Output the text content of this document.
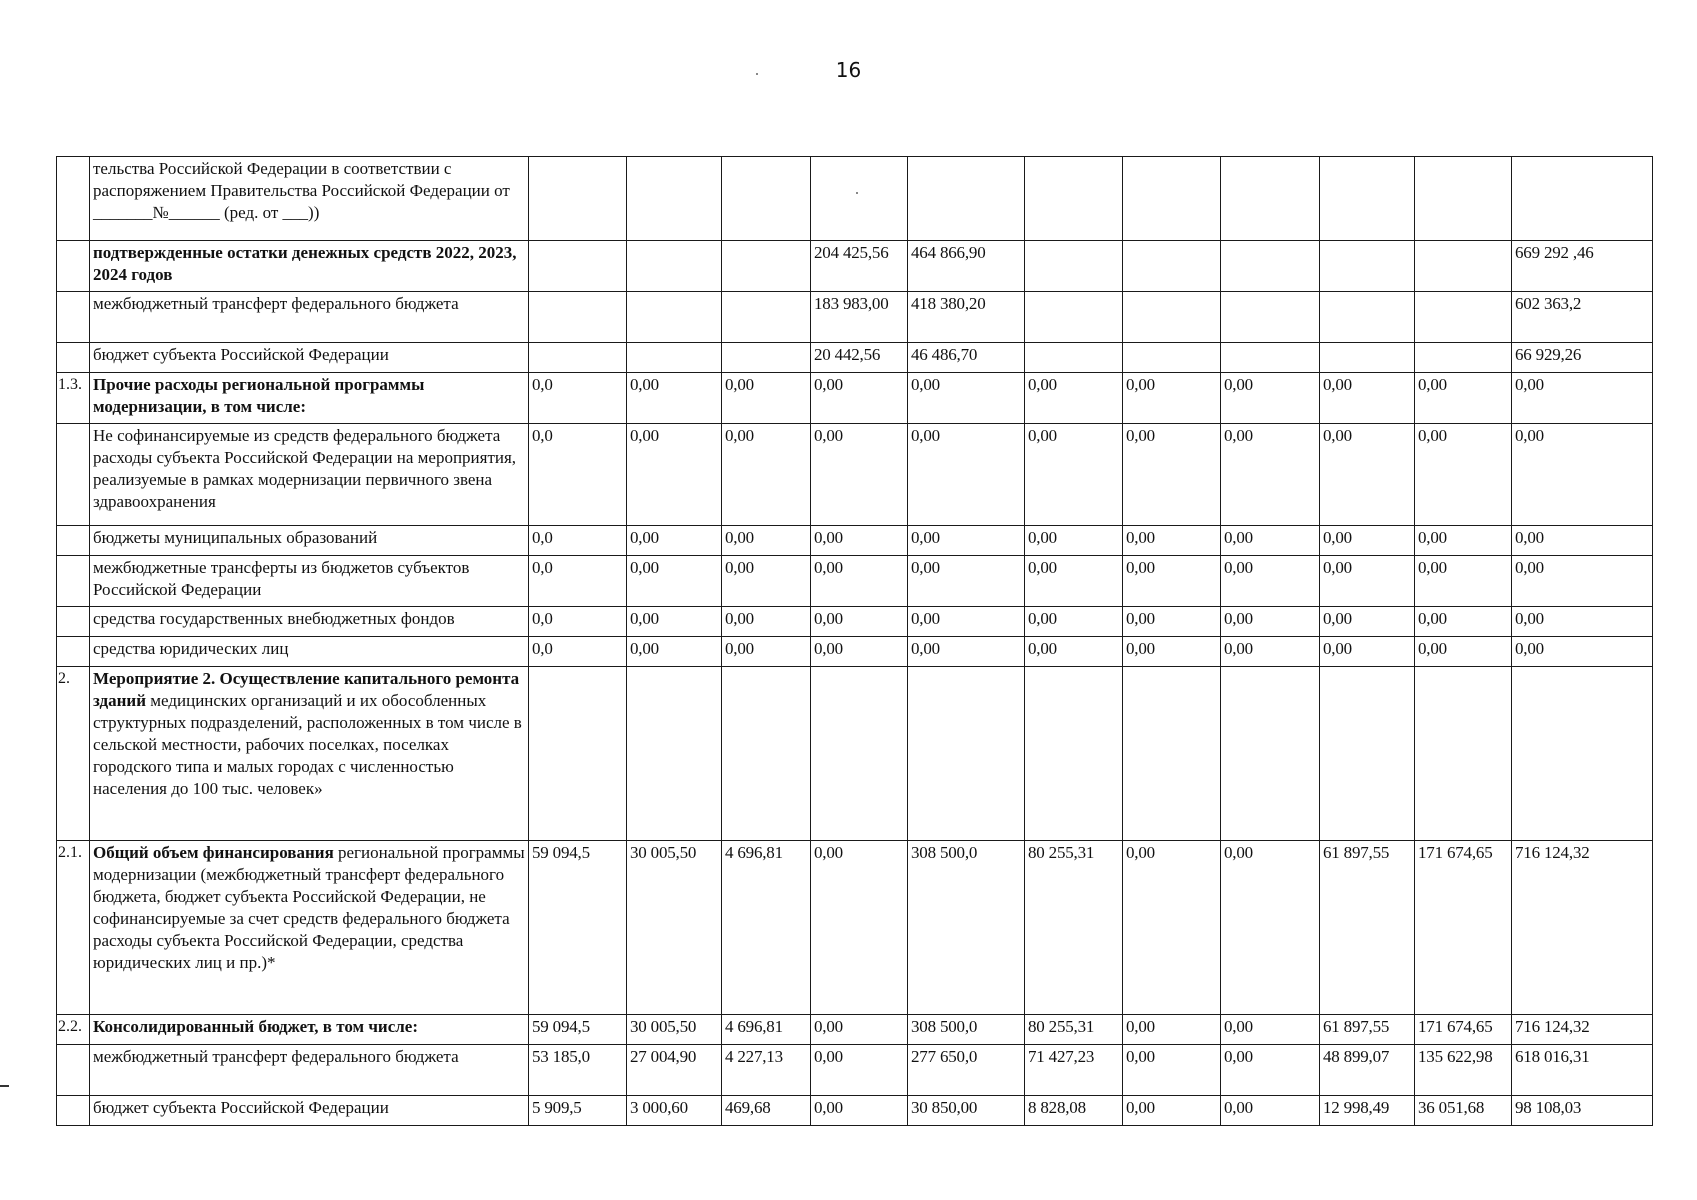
16
	тельства Российской Федерации в соответствии с распоряжением Правительства Российской Федерации от _______№______ (ред. от ___))											
	подтвержденные остатки денежных средств 2022, 2023, 2024 годов				204 425,56	464 866,90						669 292 ,46
	межбюджетный трансферт федерального бюджета				183 983,00	418 380,20						602 363,2
	бюджет субъекта Российской Федерации				20 442,56	46 486,70						66 929,26
1.3.	Прочие расходы региональной программы модернизации, в том числе:	0,0	0,00	0,00	0,00	0,00	0,00	0,00	0,00	0,00	0,00	0,00
	Не софинансируемые из средств федерального бюджета расходы субъекта Российской Федерации на мероприятия, реализуемые в рамках модернизации первичного звена здравоохранения	0,0	0,00	0,00	0,00	0,00	0,00	0,00	0,00	0,00	0,00	0,00
	бюджеты муниципальных образований	0,0	0,00	0,00	0,00	0,00	0,00	0,00	0,00	0,00	0,00	0,00
	межбюджетные трансферты из бюджетов субъектов Российской Федерации	0,0	0,00	0,00	0,00	0,00	0,00	0,00	0,00	0,00	0,00	0,00
	средства государственных внебюджетных фондов	0,0	0,00	0,00	0,00	0,00	0,00	0,00	0,00	0,00	0,00	0,00
	средства юридических лиц	0,0	0,00	0,00	0,00	0,00	0,00	0,00	0,00	0,00	0,00	0,00
2.	Мероприятие 2. Осуществление капитального ремонта зданий медицинских организаций и их обособленных структурных подразделений, расположенных в том числе в сельской местности, рабочих поселках, поселках городского типа и малых городах с численностью населения до 100 тыс. человек»											
2.1.	Общий объем финансирования региональной программы модернизации (межбюджетный трансферт федерального бюджета, бюджет субъекта Российской Федерации, не софинансируемые за счет средств федерального бюджета расходы субъекта Российской Федерации, средства юридических лиц и пр.)*	59 094,5	30 005,50	4 696,81	0,00	308 500,0	80 255,31	0,00	0,00	61 897,55	171 674,65	716 124,32
2.2.	Консолидированный бюджет, в том числе:	59 094,5	30 005,50	4 696,81	0,00	308 500,0	80 255,31	0,00	0,00	61 897,55	171 674,65	716 124,32
	межбюджетный трансферт федерального бюджета	53 185,0	27 004,90	4 227,13	0,00	277 650,0	71 427,23	0,00	0,00	48 899,07	135 622,98	618 016,31
	бюджет субъекта Российской Федерации	5 909,5	3 000,60	469,68	0,00	30 850,00	8 828,08	0,00	0,00	12 998,49	36 051,68	98 108,03
